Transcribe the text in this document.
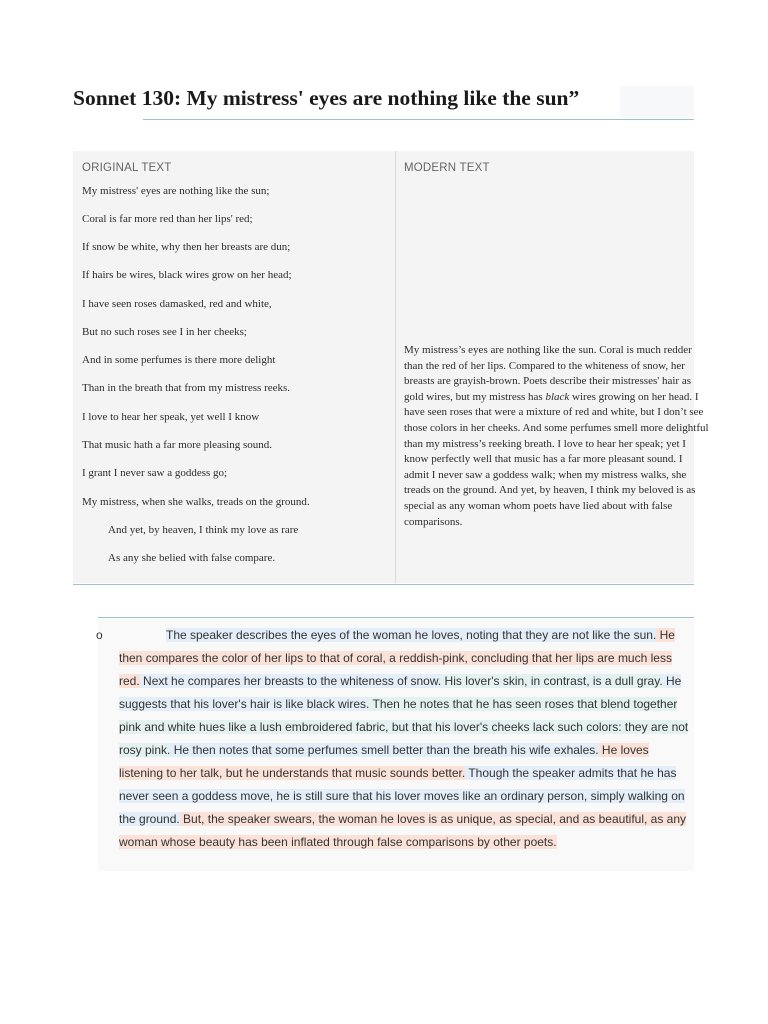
Sonnet 130: My mistress' eyes are nothing like the sun”
ORIGINAL TEXT	MODERN TEXT
My mistress' eyes are nothing like the sun;
Coral is far more red than her lips' red;
If snow be white, why then her breasts are dun;
If hairs be wires, black wires grow on her head;
I have seen roses damasked, red and white,
But no such roses see I in her cheeks;
And in some perfumes is there more delight
Than in the breath that from my mistress reeks.
I love to hear her speak, yet well I know
That music hath a far more pleasing sound.
I grant I never saw a goddess go;
My mistress, when she walks, treads on the ground.
And yet, by heaven, I think my love as rare
As any she belied with false compare.

My mistress’s eyes are nothing like the sun. Coral is much redder than the red of her lips. Compared to the whiteness of snow, her breasts are grayish-brown. Poets describe their mistresses' hair as gold wires, but my mistress has black wires growing on her head. I have seen roses that were a mixture of red and white, but I don’t see those colors in her cheeks. And some perfumes smell more delightful than my mistress’s reeking breath. I love to hear her speak; yet I know perfectly well that music has a far more pleasant sound. I admit I never saw a goddess walk; when my mistress walks, she treads on the ground. And yet, by heaven, I think my beloved is as special as any woman whom poets have lied about with false comparisons.

o	The speaker describes the eyes of the woman he loves, noting that they are not like the sun. He then compares the color of her lips to that of coral, a reddish-pink, concluding that her lips are much less red. Next he compares her breasts to the whiteness of snow. His lover's skin, in contrast, is a dull gray. He suggests that his lover's hair is like black wires. Then he notes that he has seen roses that blend together pink and white hues like a lush embroidered fabric, but that his lover's cheeks lack such colors: they are not rosy pink. He then notes that some perfumes smell better than the breath his wife exhales. He loves listening to her talk, but he understands that music sounds better. Though the speaker admits that he has never seen a goddess move, he is still sure that his lover moves like an ordinary person, simply walking on the ground. But, the speaker swears, the woman he loves is as unique, as special, and as beautiful, as any woman whose beauty has been inflated through false comparisons by other poets.
